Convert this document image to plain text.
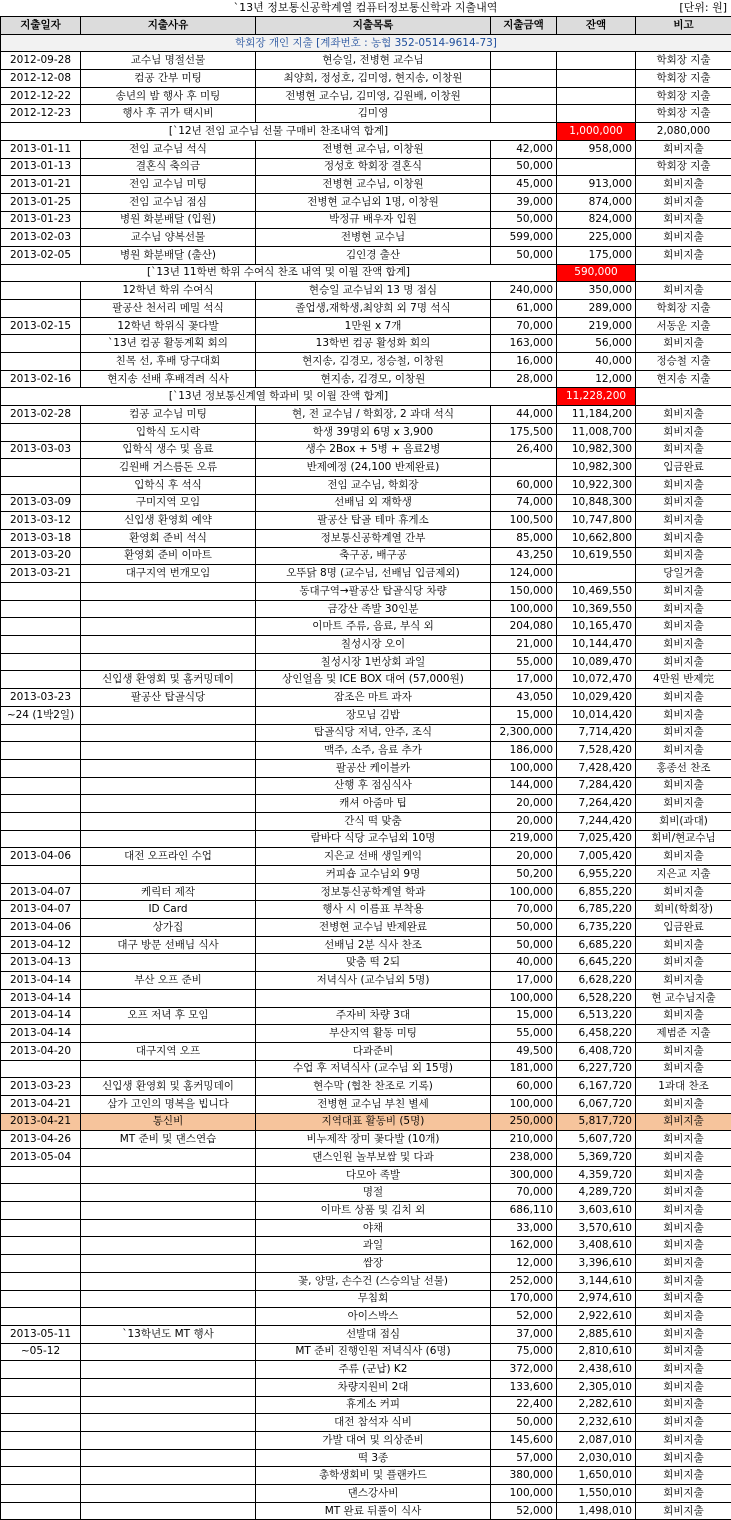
`13년 정보통신공학계열 컴퓨터정보통신학과 지출내역	[단위: 원]
지출일자	지출사유	지출목록	지출금액	잔액	비고
학회장 개인 지출 [계좌번호 : 농협 352-0514-9614-73]					
2012-09-28	교수님 명절선물	현승일, 전병현 교수님			학회장 지출
2012-12-08	컴공 간부 미팅	최양희, 정성호, 김미영, 현지송, 이창원			학회장 지출
2012-12-22	송년의 밤 행사 후 미팅	전병현 교수님, 김미영, 김원배, 이창원			학회장 지출
2012-12-23	행사 후 귀가 택시비	김미영			학회장 지출
[`12년 전임 교수님 선물 구매비 찬조내역 합계]				1,000,000	2,080,000
2013-01-11	전임 교수님 석식	전병현 교수님, 이창원	42,000	958,000	회비지출
2013-01-13	결혼식 축의금	정성호 학회장 결혼식	50,000		학회장 지출
2013-01-21	전임 교수님 미팅	전병현 교수님, 이창원	45,000	913,000	회비지출
2013-01-25	전임 교수님 점심	전병현 교수님외 1명, 이창원	39,000	874,000	회비지출
2013-01-23	병원 화분배달 (입원)	박정규 배우자 입원	50,000	824,000	회비지출
2013-02-03	교수님 양복선물	전병현 교수님	599,000	225,000	회비지출
2013-02-05	병원 화분배달 (출산)	김인경 출산	50,000	175,000	회비지출
[`13년 11학번 학위 수여식 찬조 내역 및 이월 잔액 합계]				590,000	
	12학년 학위 수여식	현승일 교수님외 13 명 점심	240,000	350,000	회비지출
	팔공산 천서리 메밀 석식	졸업생,재학생,최양희 외 7명 석식	61,000	289,000	학회장 지출
2013-02-15	12학년 학위식 꽃다발	1만원 x 7개	70,000	219,000	서동운 지출
	`13년 컴공 활동계획 회의	13학번 컴공 활성화 회의	163,000	56,000	회비지출
	친목 선, 후배 당구대회	현지송, 김경모, 정승철, 이창원	16,000	40,000	정승철 지출
2013-02-16	현지송 선배 후배격려 식사	현지송, 김경모, 이창원	28,000	12,000	현지송 지출
[`13년 정보통신계열 학과비 및 이월 잔액 합계]				11,228,200	
2013-02-28	컴공 교수님 미팅	현, 전 교수님 / 학회장, 2 과대 석식	44,000	11,184,200	회비지출
	입학식 도시락	학생 39명외 6명 x 3,900	175,500	11,008,700	회비지출
2013-03-03	입학식 생수 및 음료	생수 2Box + 5병 + 음료2병	26,400	10,982,300	회비지출
	김원배 거스름돈 오류	반제예정 (24,100 반제완료)		10,982,300	입금완료
	입학식 후 석식	전임 교수님, 학회장	60,000	10,922,300	회비지출
2013-03-09	구미지역 모임	선배님 외 재학생	74,000	10,848,300	회비지출
2013-03-12	신입생 환영회 예약	팔공산 탑골 테마 휴게소	100,500	10,747,800	회비지출
2013-03-18	환영회 준비 석식	정보통신공학계열 간부	85,000	10,662,800	회비지출
2013-03-20	환영회 준비 이마트	축구공, 배구공	43,250	10,619,550	회비지출
2013-03-21	대구지역 번개모임	오뚜닭 8명 (교수님, 선배님 입금제외)	124,000		당일거출
		동대구역→팔공산 탑골식당 차량	150,000	10,469,550	회비지출
		금강산 족발 30인분	100,000	10,369,550	회비지출
		이마트 주류, 음료, 부식 외	204,080	10,165,470	회비지출
		칠성시장 오이	21,000	10,144,470	회비지출
		칠성시장 1번상회 과일	55,000	10,089,470	회비지출
	신입생 환영회 및 홈커밍데이	상인얼음 및 ICE BOX 대여 (57,000원)	17,000	10,072,470	4만원 반제完
2013-03-23	팔공산 탑골식당	잠조은 마트 과자	43,050	10,029,420	회비지출
~24 (1박2일)		장모님 김밥	15,000	10,014,420	회비지출
		탑골식당 저녁, 안주, 조식	2,300,000	7,714,420	회비지출
		맥주, 소주, 음료 추가	186,000	7,528,420	회비지출
		팔공산 케이블카	100,000	7,428,420	홍종선 찬조
		산행 후 점심식사	144,000	7,284,420	회비지출
		캐셔 아줌마 팁	20,000	7,264,420	회비지출
		간식 떡 맞춤	20,000	7,244,420	회비(과대)
		람바다 식당 교수님외 10명	219,000	7,025,420	회비/현교수님
2013-04-06	대전 오프라인 수업	지은교 선배 생일케익	20,000	7,005,420	회비지출
		커피숍 교수님외 9명	50,200	6,955,220	지은교 지출
2013-04-07	케릭터 제작	정보통신공학계열 학과	100,000	6,855,220	회비지출
2013-04-07	ID Card	행사 시 이름표 부착용	70,000	6,785,220	회비(학회장)
2013-04-06	상가집	전병현 교수님 반제완료	50,000	6,735,220	입금완료
2013-04-12	대구 방문 선배님 식사	선배님 2분 식사 찬조	50,000	6,685,220	회비지출
2013-04-13		맞춤 떡 2되	40,000	6,645,220	회비지출
2013-04-14	부산 오프 준비	저녁식사 (교수님외 5명)	17,000	6,628,220	회비지출
2013-04-14			100,000	6,528,220	현 교수님지출
2013-04-14	오프 저녁 후 모임	주자비 차량 3대	15,000	6,513,220	회비지출
2013-04-14		부산지역 활동 미팅	55,000	6,458,220	제범준 지출
2013-04-20	대구지역 오프	다과준비	49,500	6,408,720	회비지출
		수업 후 저녁식사 (교수님 외 15명)	181,000	6,227,720	회비지출
2013-03-23	신입생 환영회 및 홈커밍데이	현수막 (협찬 찬조로 기록)	60,000	6,167,720	1과대 찬조
2013-04-21	삼가 고인의 명복을 빕니다	전병현 교수님 부친 별세	100,000	6,067,720	회비지출
2013-04-21	통신비	지역대표 활동비 (5명)	250,000	5,817,720	회비지출
2013-04-26	MT 준비 및 댄스연습	비누제작 장미 꽃다발 (10개)	210,000	5,607,720	회비지출
2013-05-04		댄스인원 놀부보쌈 및 다과	238,000	5,369,720	회비지출
		다모아 족발	300,000	4,359,720	회비지출
		명절	70,000	4,289,720	회비지출
		이마트 상품 및 김치 외	686,110	3,603,610	회비지출
		야채	33,000	3,570,610	회비지출
		과일	162,000	3,408,610	회비지출
		쌈장	12,000	3,396,610	회비지출
		꽃, 양말, 손수건 (스승의날 선물)	252,000	3,144,610	회비지출
		무침회	170,000	2,974,610	회비지출
		아이스박스	52,000	2,922,610	회비지출
2013-05-11	`13학년도 MT 행사	선발대 점심	37,000	2,885,610	회비지출
~05-12		MT 준비 진행인원 저녁식사 (6명)	75,000	2,810,610	회비지출
		주류 (군납) K2	372,000	2,438,610	회비지출
		차량지원비 2대	133,600	2,305,010	회비지출
		휴게소 커피	22,400	2,282,610	회비지출
		대전 참석자 식비	50,000	2,232,610	회비지출
		가발 대여 및 의상준비	145,600	2,087,010	회비지출
		떡 3종	57,000	2,030,010	회비지출
		총학생회비 및 플랜카드	380,000	1,650,010	회비지출
		댄스강사비	100,000	1,550,010	회비지출
		MT 완료 뒤풀이 식사	52,000	1,498,010	회비지출
